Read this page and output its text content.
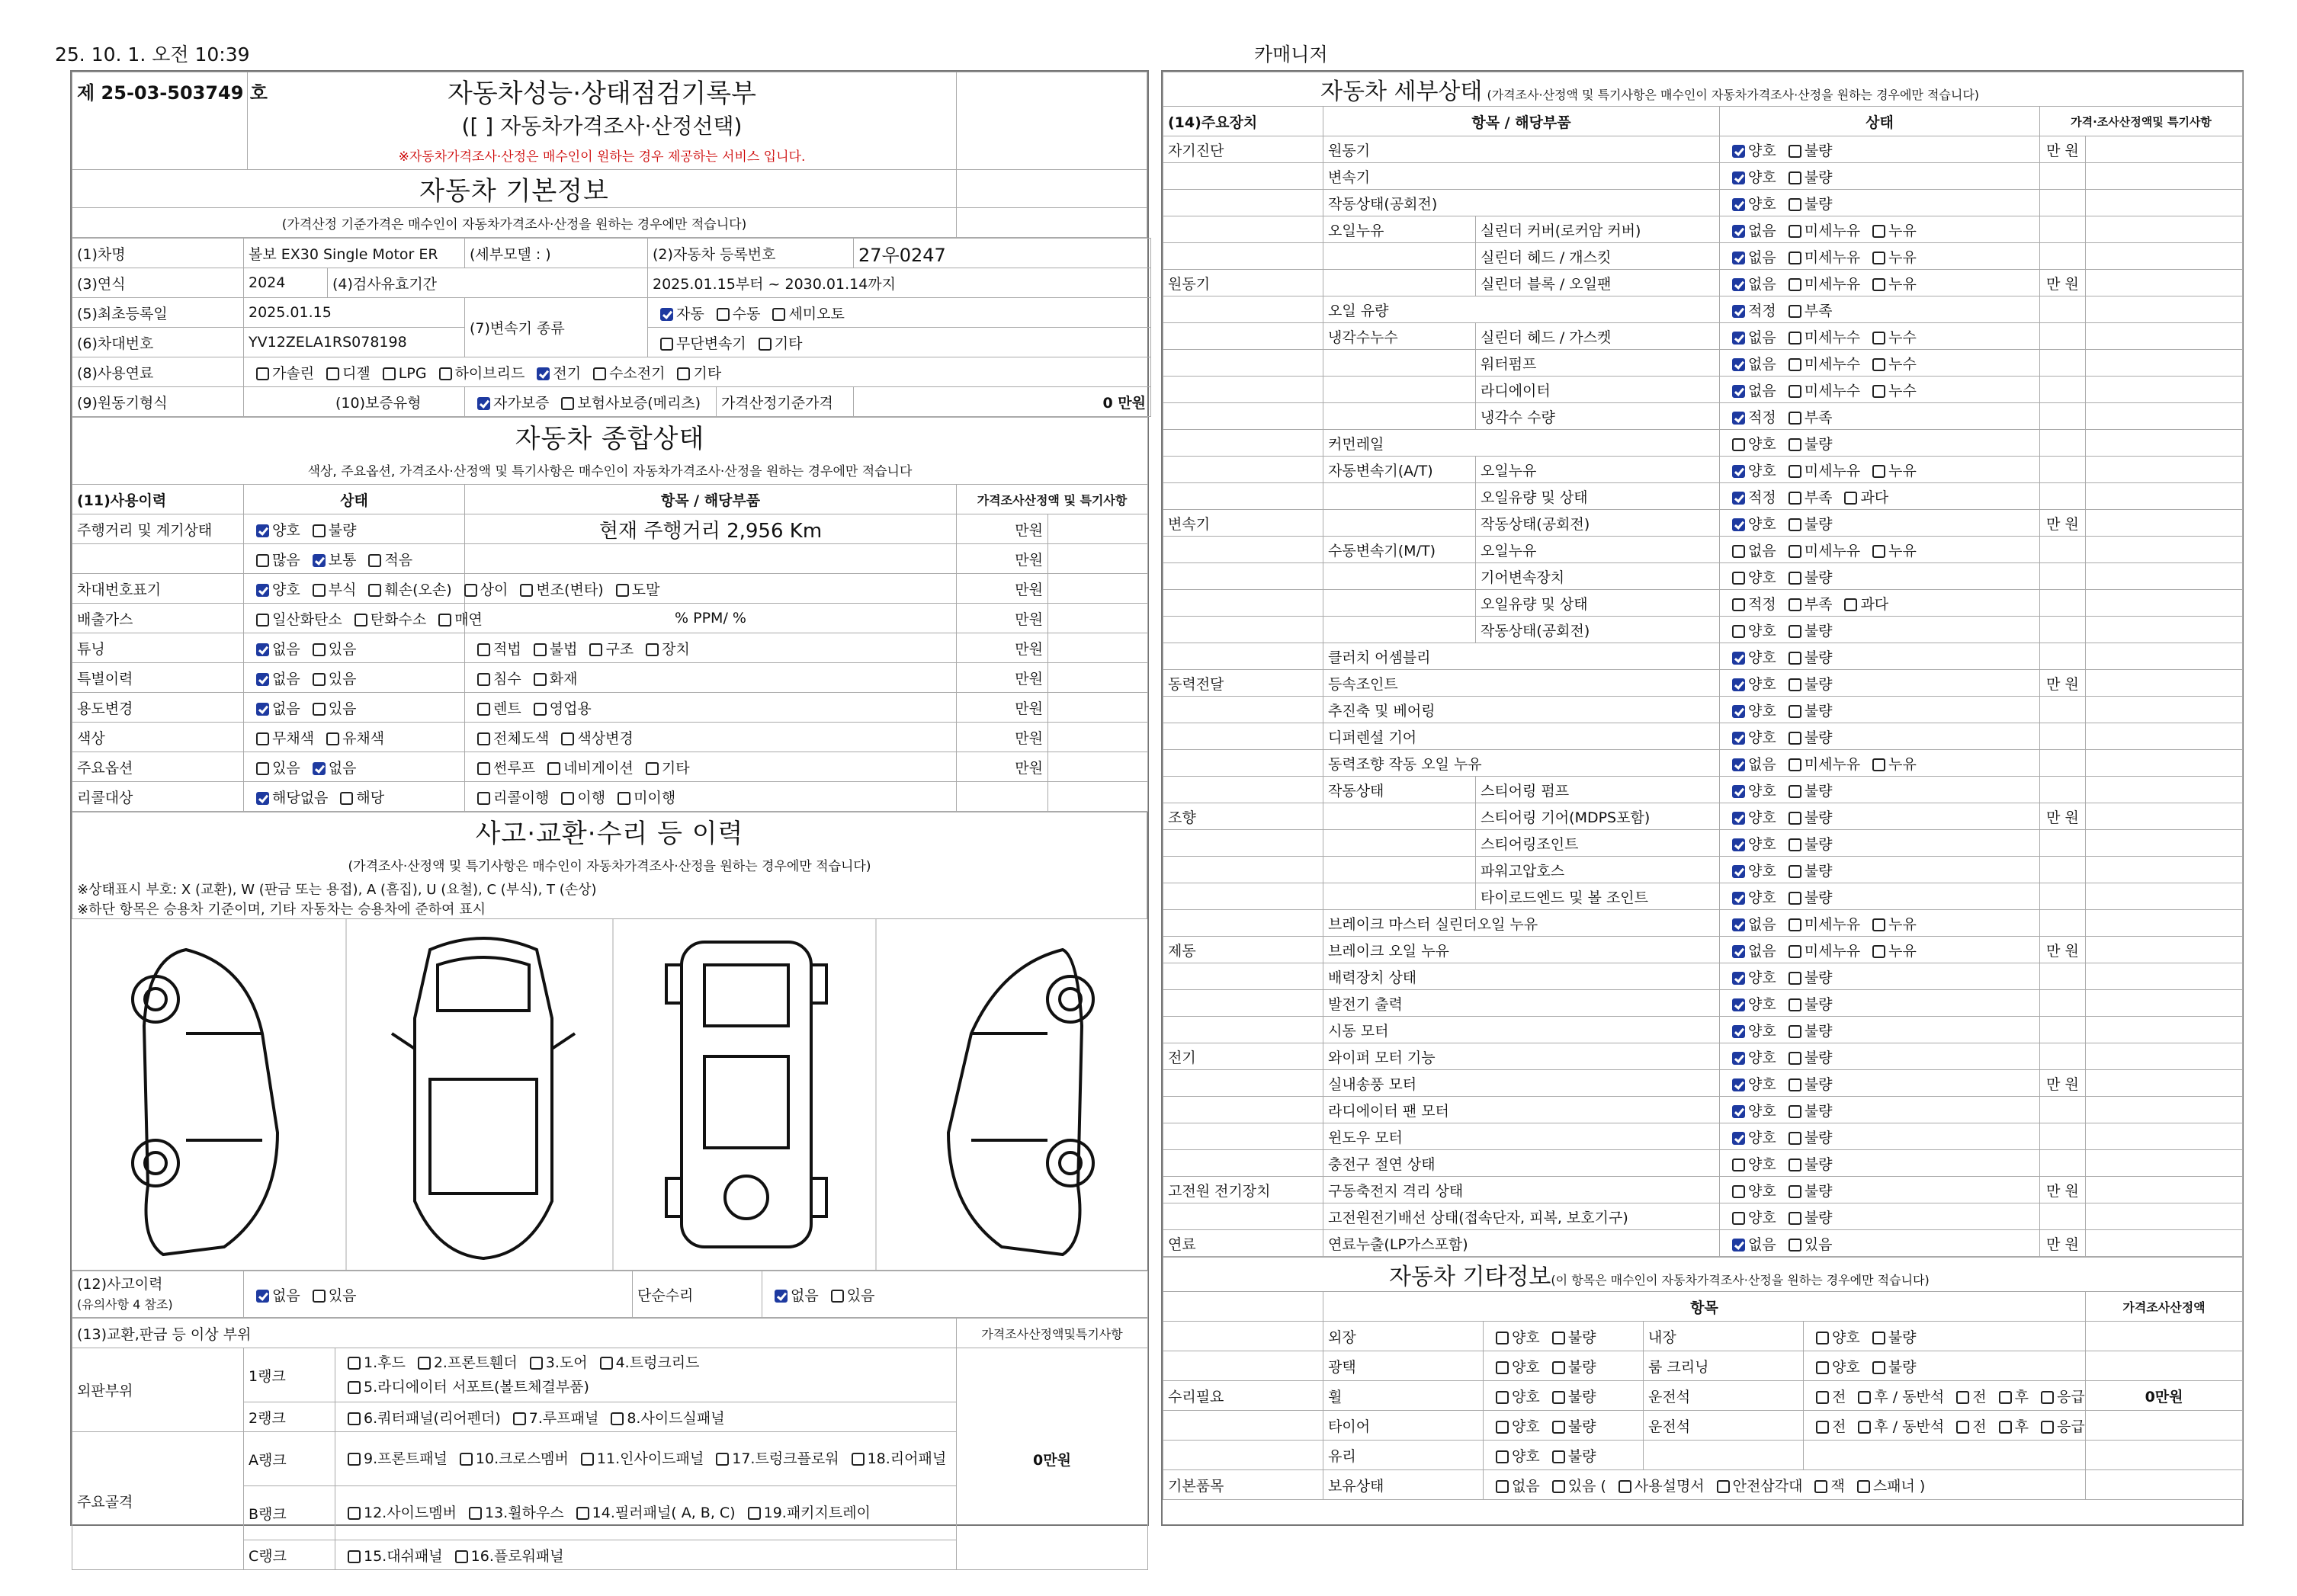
25. 10. 1. 오전 10:39	카매니저
제 25-03-503749 호	자동차성능·상태점검기록부	
	([ ] 자동차가격조사·산정선택)	
	※자동차가격조사·산정은 매수인이 원하는 경우 제공하는 서비스 입니다.	
자동차 기본정보		
(가격산정 기준가격은 매수인이 자동차가격조사·산정을 원하는 경우에만 적습니다)		
(1)차명	볼보 EX30 Single Motor ER		(세부모델 : )	(2)자동차 등록번호		27우0247
(3)연식	2024	(4)검사유효기간		2025.01.15부터 ~ 2030.01.14까지		
(5)최초등록일	2025.01.15		(7)변속기 종류	자동 수동 세미오토		
(6)차대번호	YV12ZELA1RS078198			무단변속기 기타		
(8)사용연료	가솔린 디젤 LPG 하이브리드 전기 수소전기 기타					
(9)원동기형식	(10)보증유형		자가보증 보험사보증(메리츠)		가격산정기준가격	0 만원
자동차 종합상태				
색상, 주요옵션, 가격조사·산정액 및 특기사항은 매수인이 자동차가격조사·산정을 원하는 경우에만 적습니다				
(11)사용이력	상태	항목 / 해당부품	가격조사산정액 및 특기사항	
주행거리 및 계기상태	양호 불량	현재 주행거리 2,956 Km	만원	
	많음 보통 적음		만원	
차대번호표기	양호 부식 훼손(오손) 상이 변조(변타) 도말		만원	
배출가스	일산화탄소 탄화수소 매연	% PPM/ %	만원	
튜닝	없음 있음	적법 불법 구조 장치	만원	
특별이력	없음 있음	침수 화재	만원	
용도변경	없음 있음	렌트 영업용	만원	
색상	무채색 유채색	전체도색 색상변경	만원	
주요옵션	있음 없음	썬루프 네비게이션 기타	만원	
리콜대상	해당없음 해당	리콜이행 이행 미이행		
사고·교환·수리 등 이력
(가격조사·산정액 및 특기사항은 매수인이 자동차가격조사·산정을 원하는 경우에만 적습니다)
※상태표시 부호: X (교환), W (판금 또는 용접), A (흠집), U (요철), C (부식), T (손상)
※하단 항목은 승용차 기준이며, 기타 자동차는 승용차에 준하여 표시
(12)사고이력
(유의사항 4 참조)	없음 있음	단순수리	없음 있음
(13)교환,판금 등 이상 부위			가격조사산정액및특기사항
외판부위	1랭크	1.후드 2.프론트휀더 3.도어 4.트렁크리드5.라디에이터 서포트(볼트체결부품)	0만원
	2랭크	6.쿼터패널(리어펜더) 7.루프패널 8.사이드실패널	
주요골격	A랭크	9.프론트패널 10.크로스멤버 11.인사이드패널 17.트렁크플로워 18.리어패널	
	B랭크	12.사이드멤버 13.휠하우스 14.필러패널( A, B, C) 19.패키지트레이	
	C랭크	15.대쉬패널 16.플로워패널	
자동차 세부상태 (가격조사·산정액 및 특기사항은 매수인이 자동차가격조사·산정을 원하는 경우에만 적습니다)					
(14)주요장치	항목 / 해당부품		상태	가격·조사산정액및 특기사항	
자기진단	원동기		양호 불량	만 원	
	변속기		양호 불량		
	작동상태(공회전)		양호 불량		
	오일누유	실린더 커버(로커암 커버)	없음 미세누유 누유		
		실린더 헤드 / 개스킷	없음 미세누유 누유		
원동기		실린더 블록 / 오일팬	없음 미세누유 누유	만 원	
	오일 유량		적정 부족		
	냉각수누수	실린더 헤드 / 가스켓	없음 미세누수 누수		
		워터펌프	없음 미세누수 누수		
		라디에이터	없음 미세누수 누수		
		냉각수 수량	적정 부족		
	커먼레일		양호 불량		
	자동변속기(A/T)	오일누유	양호 미세누유 누유		
		오일유량 및 상태	적정 부족 과다		
변속기		작동상태(공회전)	양호 불량	만 원	
	수동변속기(M/T)	오일누유	없음 미세누유 누유		
		기어변속장치	양호 불량		
		오일유량 및 상태	적정 부족 과다		
		작동상태(공회전)	양호 불량		
	클러치 어셈블리		양호 불량		
동력전달	등속조인트		양호 불량	만 원	
	추진축 및 베어링		양호 불량		
	디퍼렌셜 기어		양호 불량		
	동력조향 작동 오일 누유		없음 미세누유 누유		
	작동상태	스티어링 펌프	양호 불량		
조향		스티어링 기어(MDPS포함)	양호 불량	만 원	
		스티어링조인트	양호 불량		
		파워고압호스	양호 불량		
		타이로드엔드 및 볼 조인트	양호 불량		
	브레이크 마스터 실린더오일 누유		없음 미세누유 누유		
제동	브레이크 오일 누유		없음 미세누유 누유	만 원	
	배력장치 상태		양호 불량		
	발전기 출력		양호 불량		
	시동 모터		양호 불량		
전기	와이퍼 모터 기능		양호 불량		
	실내송풍 모터		양호 불량	만 원	
	라디에이터 팬 모터		양호 불량		
	윈도우 모터		양호 불량		
	충전구 절연 상태		양호 불량		
고전원 전기장치	구동축전지 격리 상태		양호 불량	만 원	
	고전원전기배선 상태(접속단자, 피복, 보호기구)		양호 불량		
연료	연료누출(LP가스포함)		없음 있음	만 원	
자동차 기타정보(이 항목은 매수인이 자동차가격조사·산정을 원하는 경우에만 적습니다)					
	항목				가격조사산정액
	외장	양호 불량	내장	양호 불량	
	광택	양호 불량	룸 크리닝	양호 불량	
수리필요	휠	양호 불량	운전석	전 후 / 동반석 전 후 응급	0만원
	타이어	양호 불량	운전석	전 후 / 동반석 전 후 응급	
	유리	양호 불량			
기본품목	보유상태	없음 있음 ( 사용설명서 안전삼각대 잭 스패너 )			
